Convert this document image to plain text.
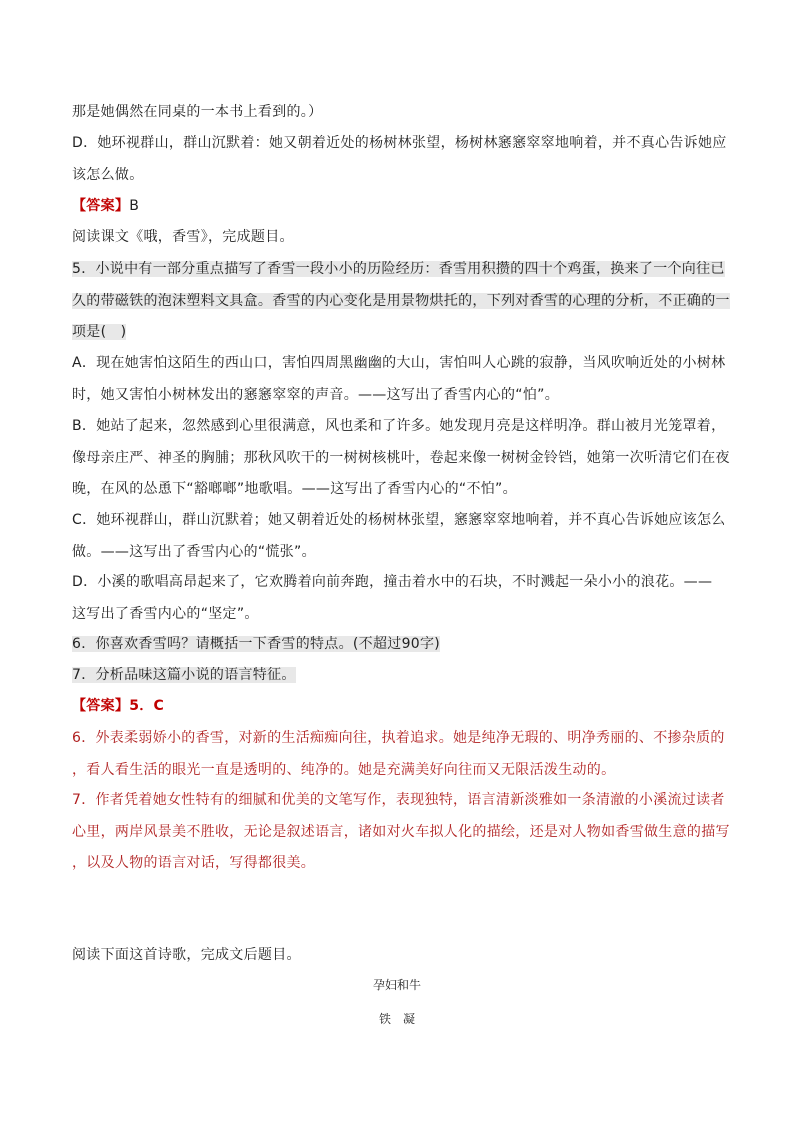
那是她偶然在同桌的一本书上看到的。）

D．她环视群山，群山沉默着：她又朝着近处的杨树林张望，杨树林窸窸窣窣地响着，并不真心告诉她应
该怎么做。

【答案】B

阅读课文《哦，香雪》，完成题目。

5．小说中有一部分重点描写了香雪一段小小的历险经历：香雪用积攒的四十个鸡蛋，换来了一个向往已
久的带磁铁的泡沫塑料文具盒。香雪的内心变化是用景物烘托的，下列对香雪的心理的分析，不正确的一
项是(　)

A．现在她害怕这陌生的西山口，害怕四周黑幽幽的大山，害怕叫人心跳的寂静，当风吹响近处的小树林
时，她又害怕小树林发出的窸窸窣窣的声音。——这写出了香雪内心的“怕”。

B．她站了起来，忽然感到心里很满意，风也柔和了许多。她发现月亮是这样明净。群山被月光笼罩着，
像母亲庄严、神圣的胸脯；那秋风吹干的一树树核桃叶，卷起来像一树树金铃铛，她第一次听清它们在夜
晚，在风的怂恿下“豁啷啷”地歌唱。——这写出了香雪内心的“不怕”。

C．她环视群山，群山沉默着；她又朝着近处的杨树林张望，窸窸窣窣地响着，并不真心告诉她应该怎么
做。——这写出了香雪内心的“慌张”。

D．小溪的歌唱高昂起来了，它欢腾着向前奔跑，撞击着水中的石块，不时溅起一朵小小的浪花。——
这写出了香雪内心的“坚定”。

6．你喜欢香雪吗？请概括一下香雪的特点。(不超过90字)

7．分析品味这篇小说的语言特征。

【答案】5．C

6．外表柔弱娇小的香雪，对新的生活痴痴向往，执着追求。她是纯净无瑕的、明净秀丽的、不掺杂质的
，看人看生活的眼光一直是透明的、纯净的。她是充满美好向往而又无限活泼生动的。

7．作者凭着她女性特有的细腻和优美的文笔写作，表现独特，语言清新淡雅如一条清澈的小溪流过读者
心里，两岸风景美不胜收，无论是叙述语言，诸如对火车拟人化的描绘，还是对人物如香雪做生意的描写
，以及人物的语言对话，写得都很美。

阅读下面这首诗歌，完成文后题目。

孕妇和牛
铁　凝
